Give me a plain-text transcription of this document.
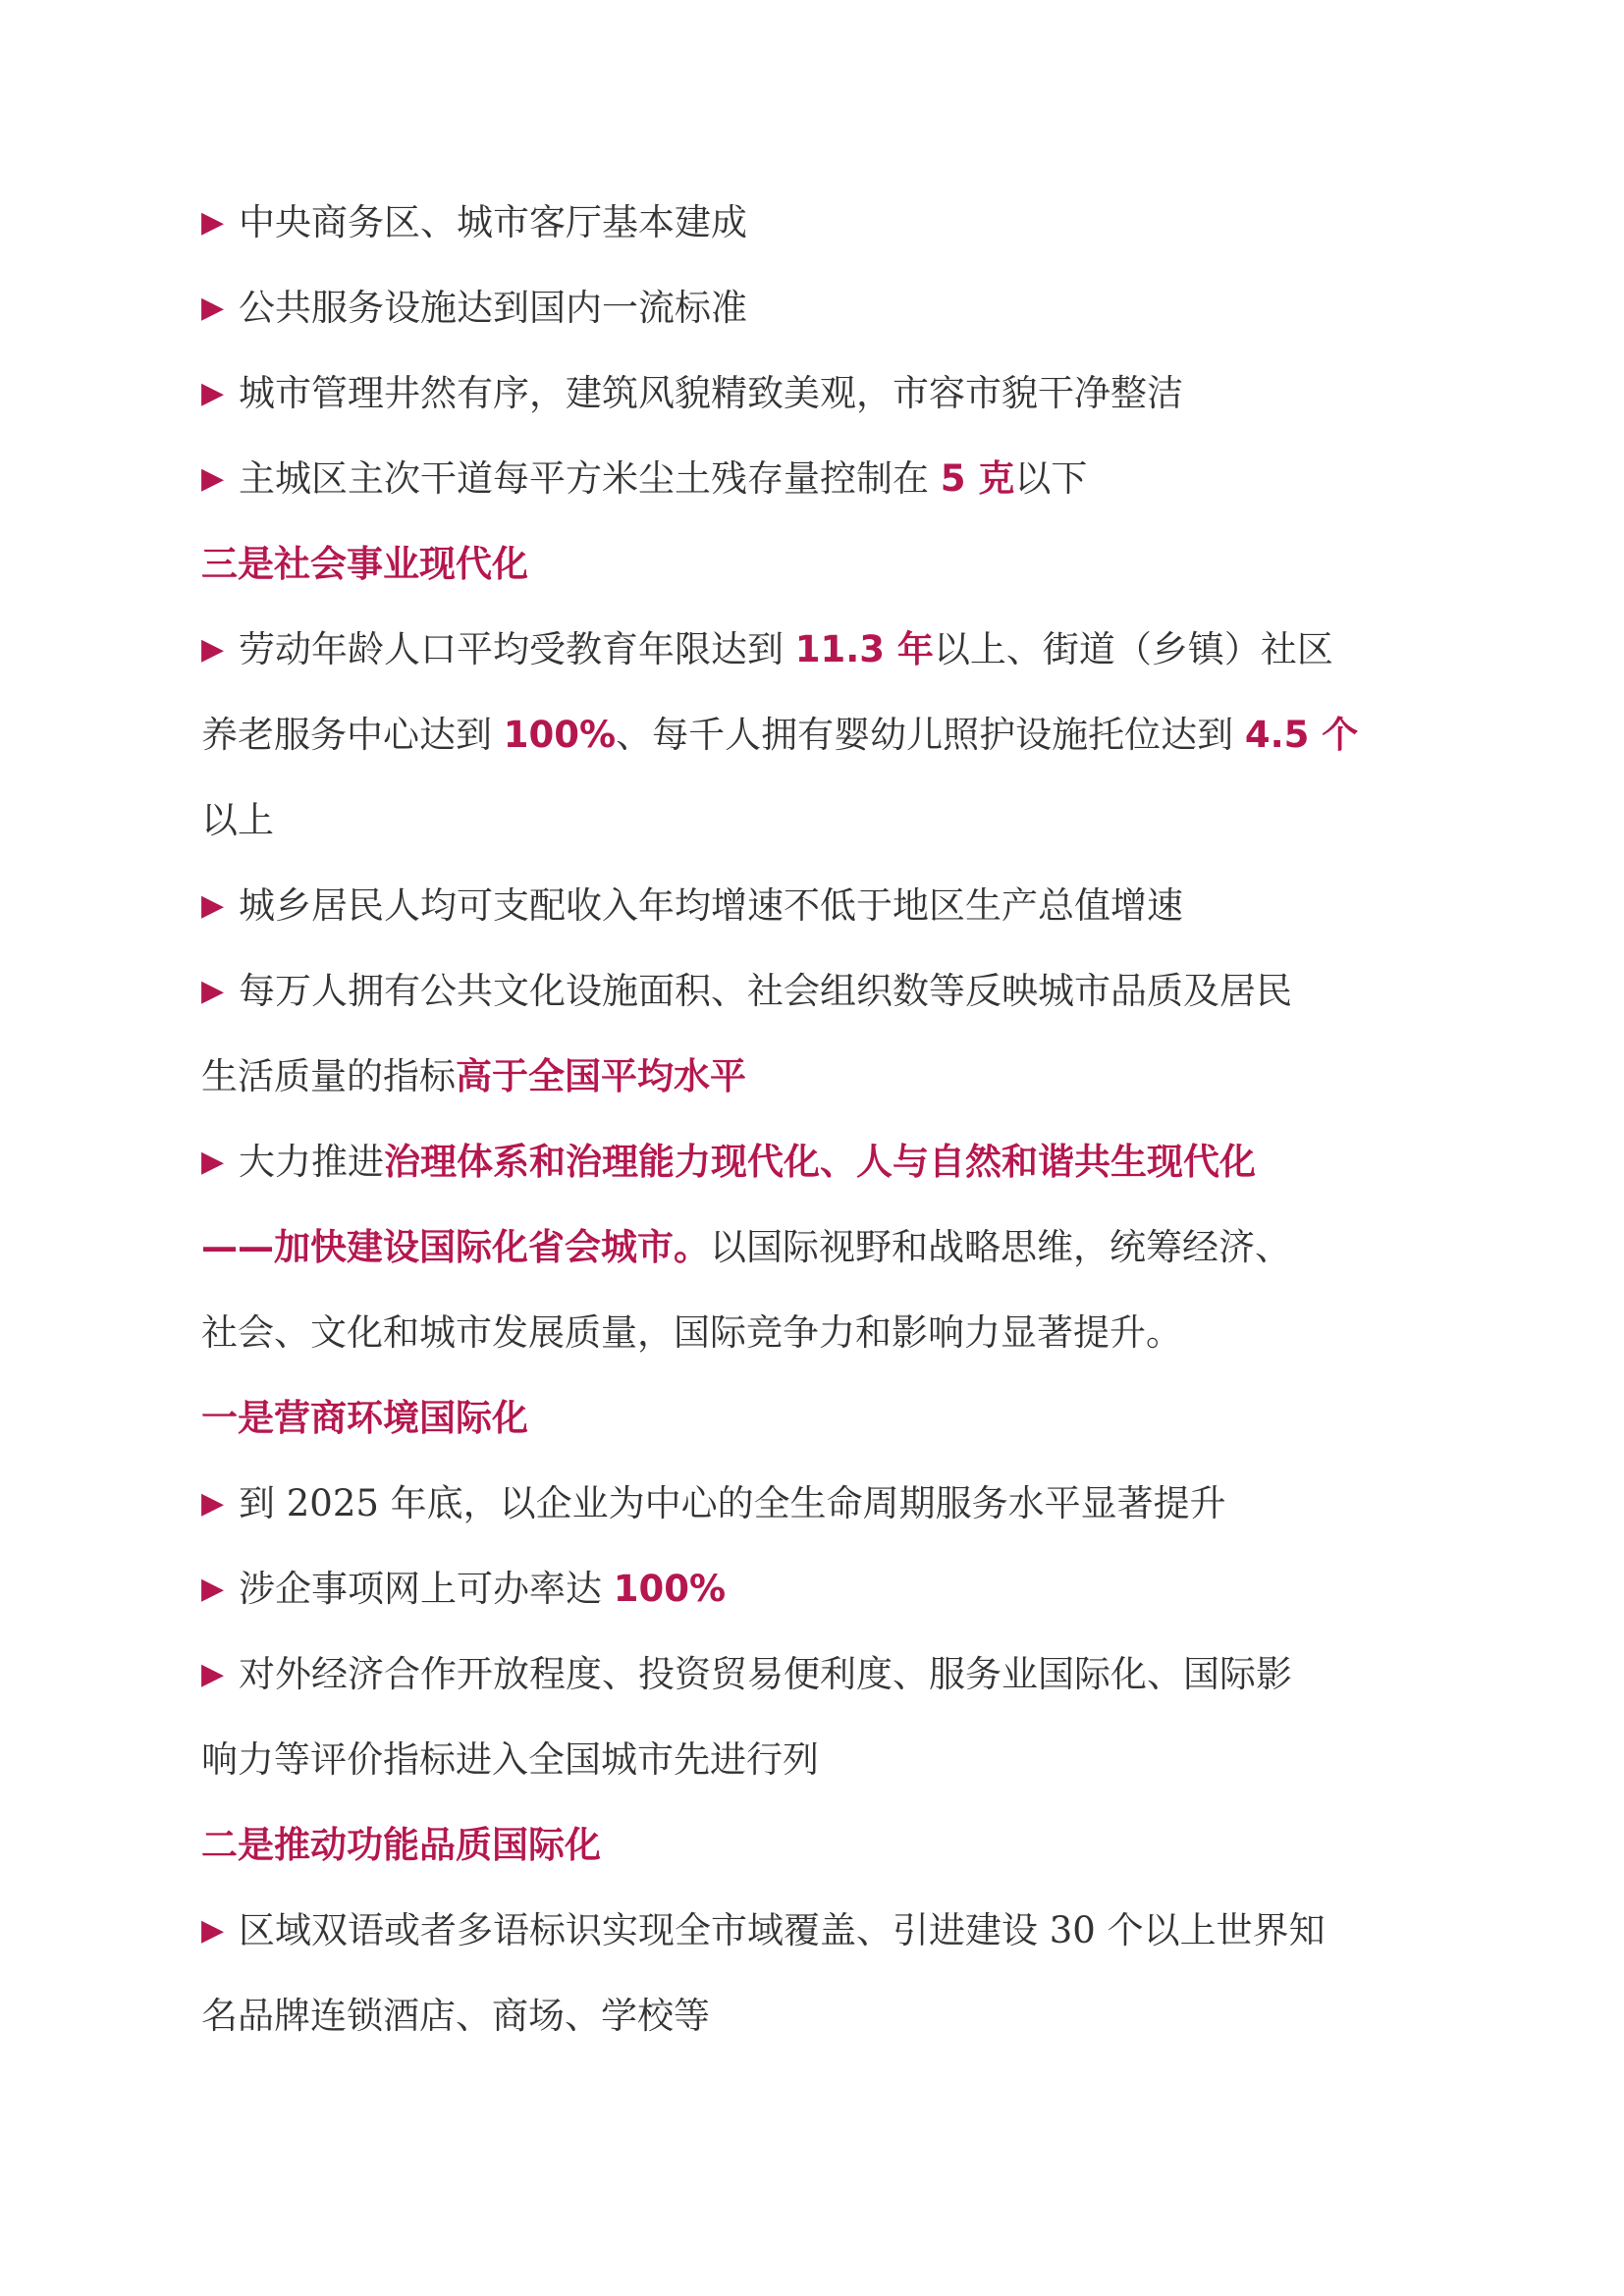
▶ 中央商务区、城市客厅基本建成
▶ 公共服务设施达到国内一流标准
▶ 城市管理井然有序，建筑风貌精致美观，市容市貌干净整洁
▶ 主城区主次干道每平方米尘土残存量控制在 5 克以下
三是社会事业现代化
▶ 劳动年龄人口平均受教育年限达到 11.3 年以上、街道（乡镇）社区
养老服务中心达到 100%、每千人拥有婴幼儿照护设施托位达到 4.5 个
以上
▶ 城乡居民人均可支配收入年均增速不低于地区生产总值增速
▶ 每万人拥有公共文化设施面积、社会组织数等反映城市品质及居民
生活质量的指标高于全国平均水平
▶ 大力推进治理体系和治理能力现代化、人与自然和谐共生现代化
——加快建设国际化省会城市。以国际视野和战略思维，统筹经济、
社会、文化和城市发展质量，国际竞争力和影响力显著提升。
一是营商环境国际化
▶ 到 2025 年底，以企业为中心的全生命周期服务水平显著提升
▶ 涉企事项网上可办率达 100%
▶ 对外经济合作开放程度、投资贸易便利度、服务业国际化、国际影
响力等评价指标进入全国城市先进行列
二是推动功能品质国际化
▶ 区域双语或者多语标识实现全市域覆盖、引进建设 30 个以上世界知
名品牌连锁酒店、商场、学校等
